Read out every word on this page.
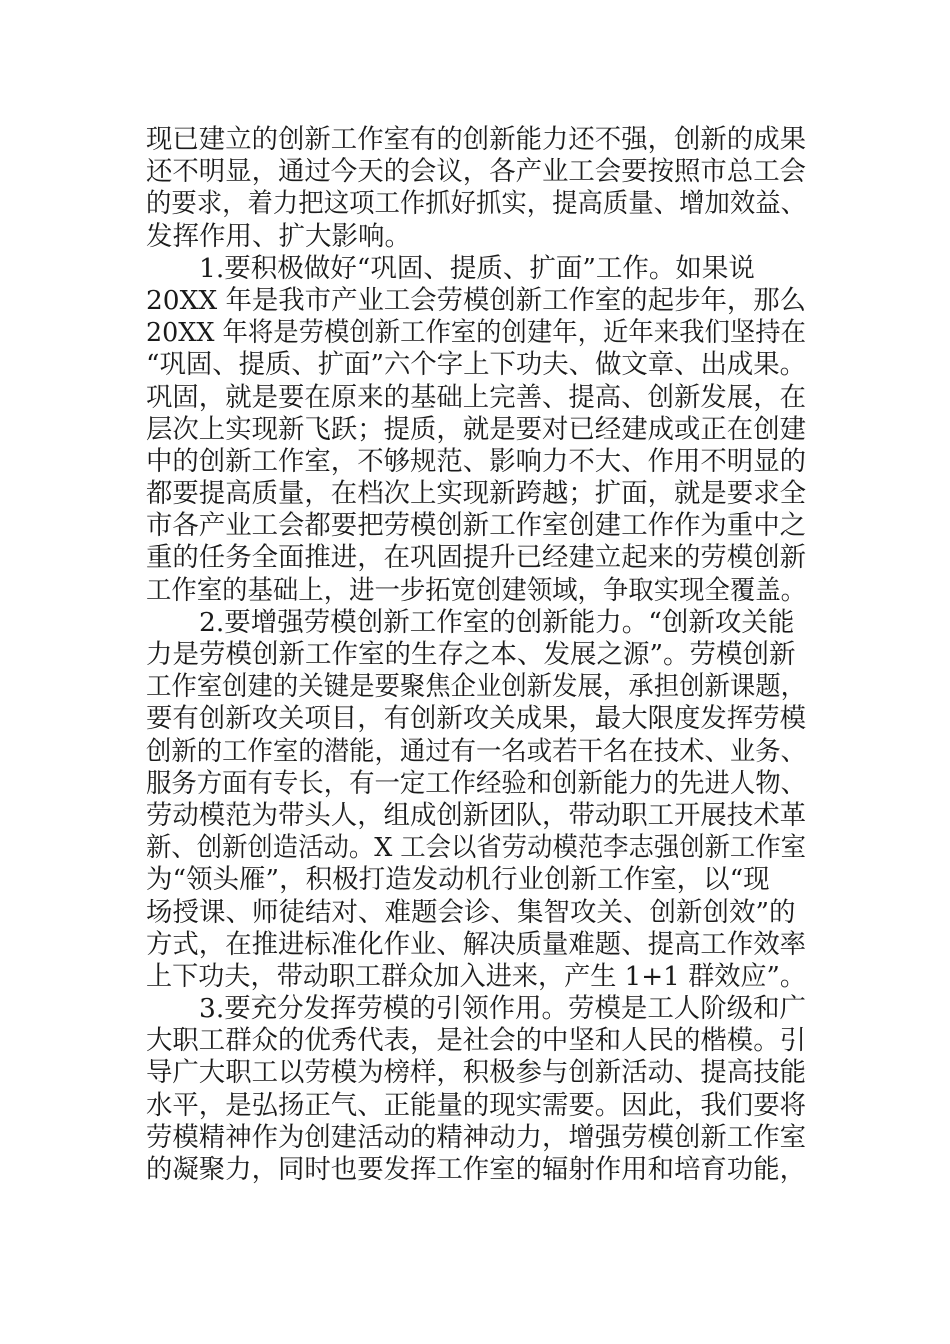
现已建立的创新工作室有的创新能力还不强，创新的成果
还不明显，通过今天的会议，各产业工会要按照市总工会
的要求，着力把这项工作抓好抓实，提高质量、增加效益、
发挥作用、扩大影响。
1.要积极做好“巩固、提质、扩面”工作。如果说
20XX 年是我市产业工会劳模创新工作室的起步年，那么
20XX 年将是劳模创新工作室的创建年，近年来我们坚持在
“巩固、提质、扩面”六个字上下功夫、做文章、出成果。
巩固，就是要在原来的基础上完善、提高、创新发展，在
层次上实现新飞跃；提质，就是要对已经建成或正在创建
中的创新工作室，不够规范、影响力不大、作用不明显的
都要提高质量，在档次上实现新跨越；扩面，就是要求全
市各产业工会都要把劳模创新工作室创建工作作为重中之
重的任务全面推进，在巩固提升已经建立起来的劳模创新
工作室的基础上，进一步拓宽创建领域，争取实现全覆盖。
2.要增强劳模创新工作室的创新能力。“创新攻关能
力是劳模创新工作室的生存之本、发展之源”。劳模创新
工作室创建的关键是要聚焦企业创新发展，承担创新课题，
要有创新攻关项目，有创新攻关成果，最大限度发挥劳模
创新的工作室的潜能，通过有一名或若干名在技术、业务、
服务方面有专长，有一定工作经验和创新能力的先进人物、
劳动模范为带头人，组成创新团队，带动职工开展技术革
新、创新创造活动。X 工会以省劳动模范李志强创新工作室
为“领头雁”，积极打造发动机行业创新工作室，以“现
场授课、师徒结对、难题会诊、集智攻关、创新创效”的
方式，在推进标准化作业、解决质量难题、提高工作效率
上下功夫，带动职工群众加入进来，产生 1+1 群效应”。
3.要充分发挥劳模的引领作用。劳模是工人阶级和广
大职工群众的优秀代表，是社会的中坚和人民的楷模。引
导广大职工以劳模为榜样，积极参与创新活动、提高技能
水平，是弘扬正气、正能量的现实需要。因此，我们要将
劳模精神作为创建活动的精神动力，增强劳模创新工作室
的凝聚力，同时也要发挥工作室的辐射作用和培育功能，
